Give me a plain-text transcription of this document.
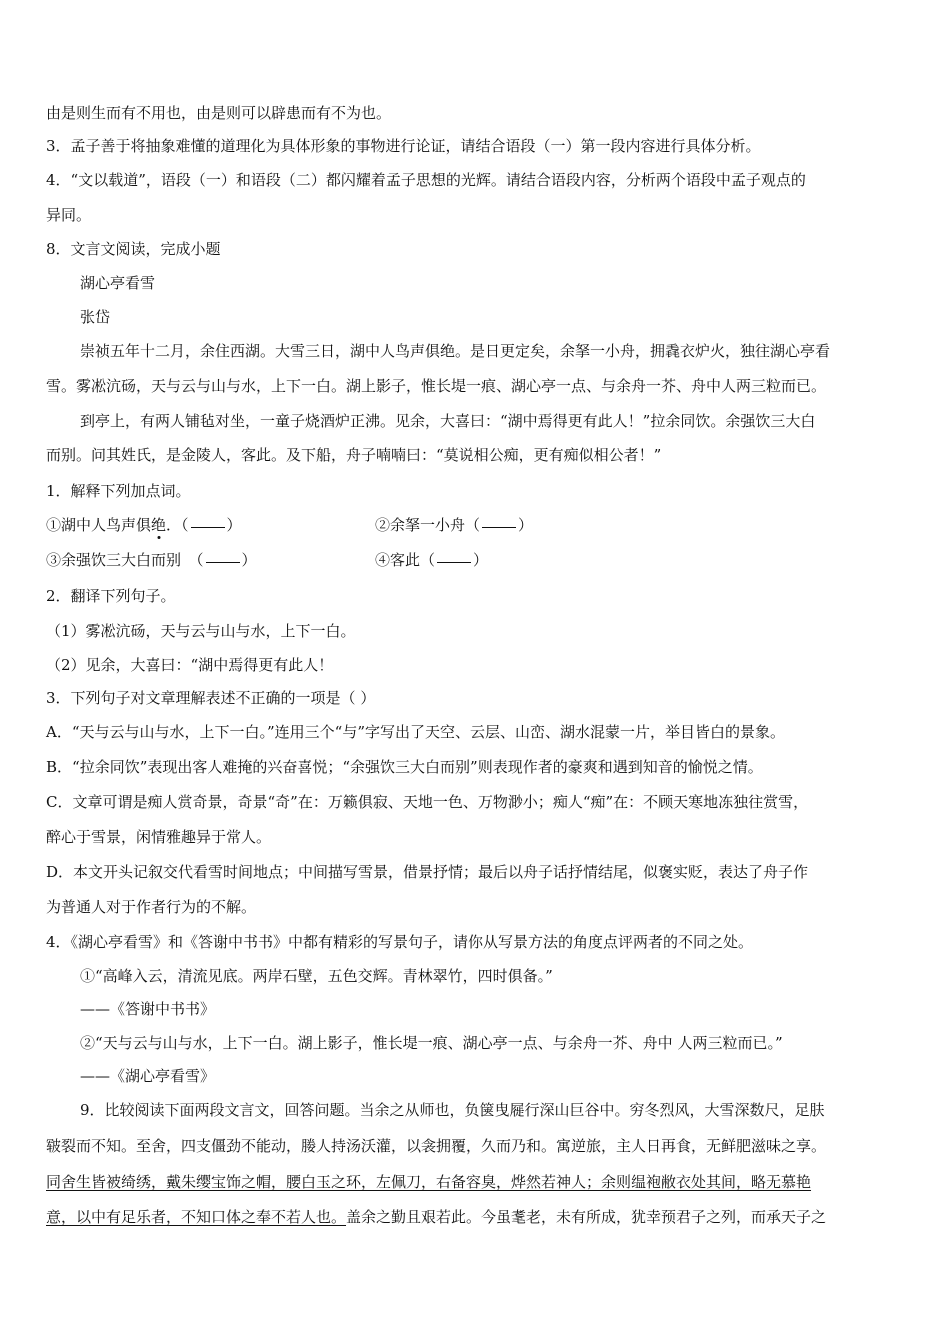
由是则生而有不用也，由是则可以辟患而有不为也。
3．孟子善于将抽象难懂的道理化为具体形象的事物进行论证，请结合语段（一）第一段内容进行具体分析。
4．“文以载道”，语段（一）和语段（二）都闪耀着孟子思想的光辉。请结合语段内容，分析两个语段中孟子观点的
异同。
8．文言文阅读，完成小题
湖心亭看雪
张岱
崇祯五年十二月，余住西湖。大雪三日，湖中人鸟声俱绝。是日更定矣，余拏一小舟，拥毳衣炉火，独往湖心亭看
雪。雾凇沆砀，天与云与山与水，上下一白。湖上影子，惟长堤一痕、湖心亭一点、与余舟一芥、舟中人两三粒而已。
到亭上，有两人铺毡对坐，一童子烧酒炉正沸。见余，大喜曰：“湖中焉得更有此人！”拉余同饮。余强饮三大白
而别。问其姓氏，是金陵人，客此。及下船，舟子喃喃曰：“莫说相公痴，更有痴似相公者！”
1．解释下列加点词。
①湖中人鸟声俱绝．（	）	②余拏一小舟（	）
③余强饮三大白而别　（	）	④客此（	）
2．翻译下列句子。
（1）雾凇沆砀，天与云与山与水，上下一白。
（2）见余，大喜曰：“湖中焉得更有此人！
3．下列句子对文章理解表述不正确的一项是（ ）
A．“天与云与山与水，上下一白。”连用三个“与”字写出了天空、云层、山峦、湖水混蒙一片，举目皆白的景象。
B．“拉余同饮”表现出客人难掩的兴奋喜悦；“余强饮三大白而别”则表现作者的豪爽和遇到知音的愉悦之情。
C．文章可谓是痴人赏奇景，奇景“奇”在：万籁俱寂、天地一色、万物渺小；痴人“痴”在：不顾天寒地冻独往赏雪，
醉心于雪景，闲情雅趣异于常人。
D．本文开头记叙交代看雪时间地点；中间描写雪景，借景抒情；最后以舟子话抒情结尾，似褒实贬，表达了舟子作
为普通人对于作者行为的不解。
4．《湖心亭看雪》和《答谢中书书》中都有精彩的写景句子，请你从写景方法的角度点评两者的不同之处。
①“高峰入云，清流见底。两岸石壁，五色交辉。青林翠竹，四时俱备。”
——《答谢中书书》
②“天与云与山与水，上下一白。湖上影子，惟长堤一痕、湖心亭一点、与余舟一芥、舟中 人两三粒而已。”
——《湖心亭看雪》
9．比较阅读下面两段文言文，回答问题。当余之从师也，负箧曳屣行深山巨谷中。穷冬烈风，大雪深数尺，足肤
皲裂而不知。至舍，四支僵劲不能动，媵人持汤沃灌，以衾拥覆，久而乃和。寓逆旅，主人日再食，无鲜肥滋味之享。
同舍生皆被绮绣，戴朱缨宝饰之帽，腰白玉之环，左佩刀，右备容臭，烨然若神人；余则缊袍敝衣处其间，略无慕艳
意，以中有足乐者，不知口体之奉不若人也。盖余之勤且艰若此。今虽耄老，未有所成，犹幸预君子之列，而承天子之
